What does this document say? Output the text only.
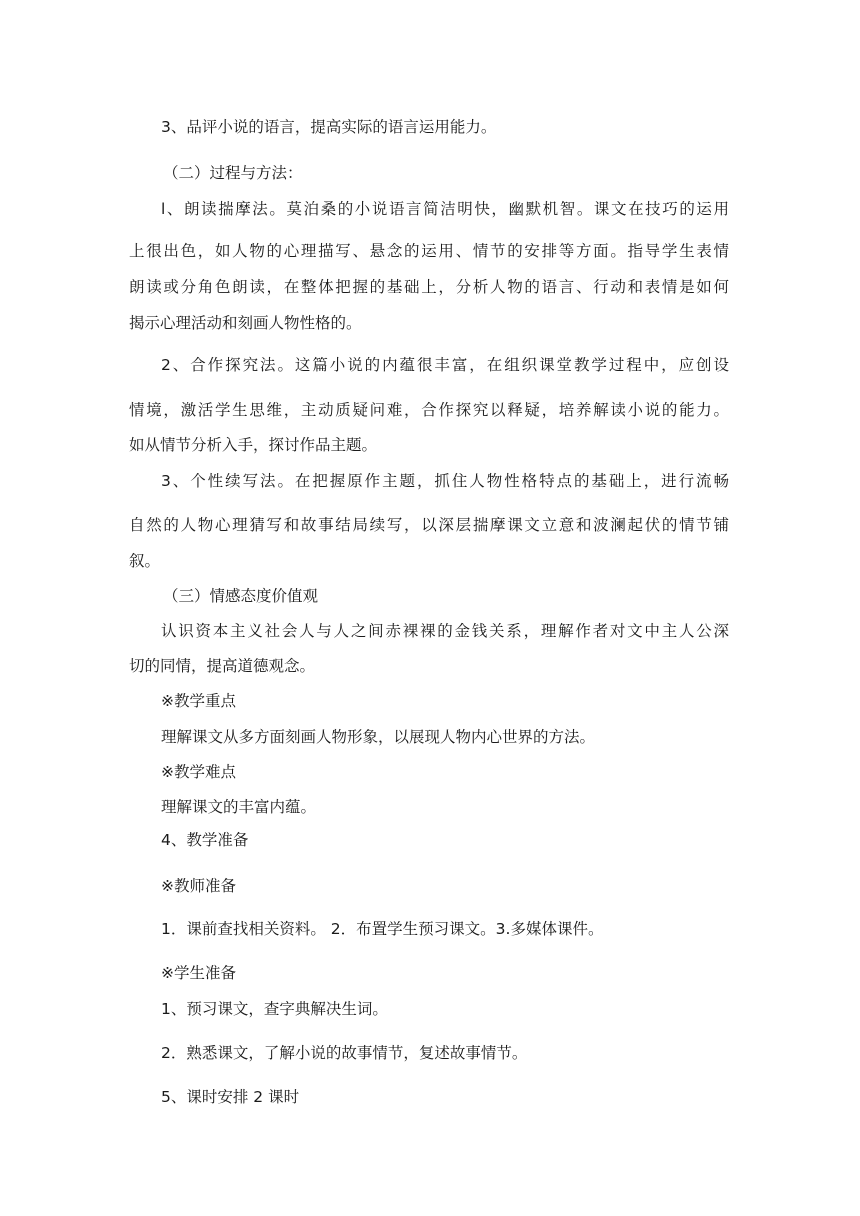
3、品评小说的语言，提高实际的语言运用能力。
（二）过程与方法：
l、朗读揣摩法。莫泊桑的小说语言简洁明快，幽默机智。课文在技巧的运用
上很出色，如人物的心理描写、悬念的运用、情节的安排等方面。指导学生表情
朗读或分角色朗读，在整体把握的基础上，分析人物的语言、行动和表情是如何
揭示心理活动和刻画人物性格的。
2、合作探究法。这篇小说的内蕴很丰富，在组织课堂教学过程中，应创设
情境，激活学生思维，主动质疑问难，合作探究以释疑，培养解读小说的能力。
如从情节分析入手，探讨作品主题。
3、个性续写法。在把握原作主题，抓住人物性格特点的基础上，进行流畅
自然的人物心理猜写和故事结局续写，以深层揣摩课文立意和波澜起伏的情节铺
叙。
（三）情感态度价值观
认识资本主义社会人与人之间赤裸裸的金钱关系，理解作者对文中主人公深
切的同情，提高道德观念。
※教学重点
理解课文从多方面刻画人物形象，以展现人物内心世界的方法。
※教学难点
理解课文的丰富内蕴。
4、教学准备
※教师准备
1．课前查找相关资料。 2．布置学生预习课文。3.多媒体课件。
※学生准备
1、预习课文，查字典解决生词。
2．熟悉课文，了解小说的故事情节，复述故事情节。
5、课时安排 2 课时
